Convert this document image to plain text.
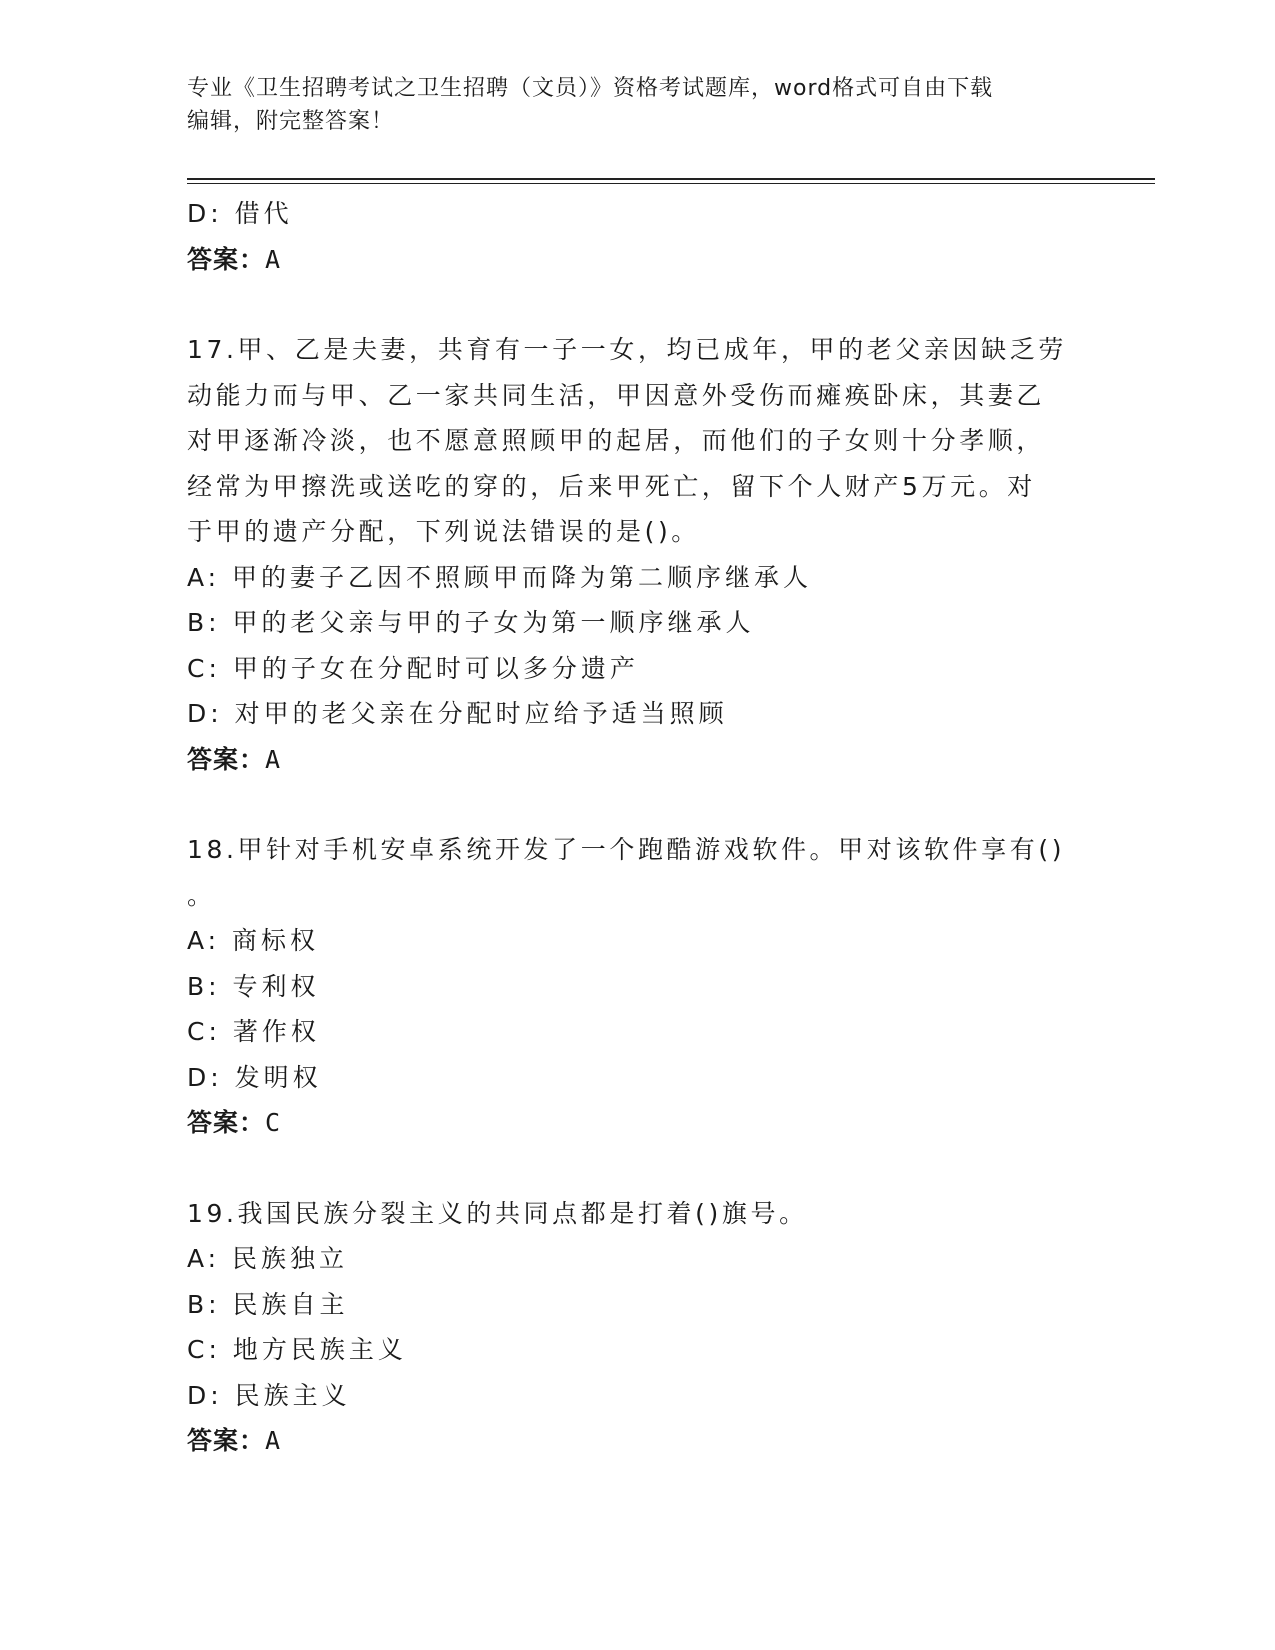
专业《卫生招聘考试之卫生招聘（文员）》资格考试题库，word格式可自由下载
编辑，附完整答案！
D: 借代
答案：A
17.甲、乙是夫妻，共育有一子一女，均已成年，甲的老父亲因缺乏劳
动能力而与甲、乙一家共同生活，甲因意外受伤而瘫痪卧床，其妻乙
对甲逐渐冷淡，也不愿意照顾甲的起居，而他们的子女则十分孝顺，
经常为甲擦洗或送吃的穿的，后来甲死亡，留下个人财产5万元。对
于甲的遗产分配，下列说法错误的是()。
A: 甲的妻子乙因不照顾甲而降为第二顺序继承人
B: 甲的老父亲与甲的子女为第一顺序继承人
C: 甲的子女在分配时可以多分遗产
D: 对甲的老父亲在分配时应给予适当照顾
答案：A
18.甲针对手机安卓系统开发了一个跑酷游戏软件。甲对该软件享有()
。
A: 商标权
B: 专利权
C: 著作权
D: 发明权
答案：C
19.我国民族分裂主义的共同点都是打着()旗号。
A: 民族独立
B: 民族自主
C: 地方民族主义
D: 民族主义
答案：A
